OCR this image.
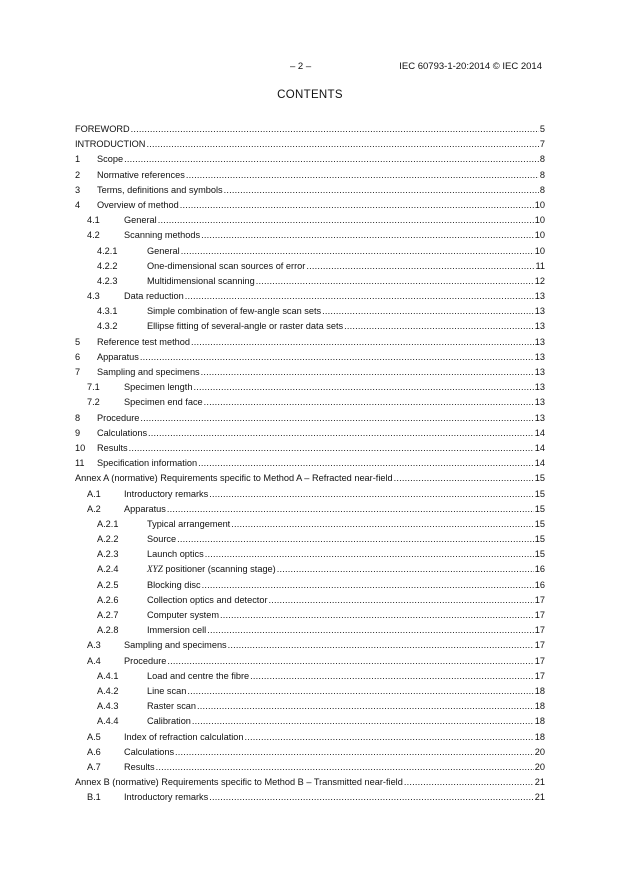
– 2 –	IEC 60793-1-20:2014 © IEC 2014
CONTENTS
FOREWORD .....	5
INTRODUCTION .....	7
1 Scope .....	8
2 Normative references .....	8
3 Terms, definitions and symbols .....	8
4 Overview of method .....	10
4.1	General .....	10
4.2	Scanning methods .....	10
4.2.1	General .....	10
4.2.2	One-dimensional scan sources of error .....	11
4.2.3	Multidimensional scanning .....	12
4.3	Data reduction .....	13
4.3.1	Simple combination of few-angle scan sets .....	13
4.3.2	Ellipse fitting of several-angle or raster data sets .....	13
5 Reference test method .....	13
6 Apparatus .....	13
7 Sampling and specimens .....	13
7.1	Specimen length .....	13
7.2	Specimen end face .....	13
8 Procedure .....	13
9 Calculations .....	14
10 Results .....	14
11 Specification information .....	14
Annex A (normative) Requirements specific to Method A – Refracted near-field .....	15
A.1	Introductory remarks .....	15
A.2	Apparatus .....	15
A.2.1	Typical arrangement .....	15
A.2.2	Source .....	15
A.2.3	Launch optics .....	15
A.2.4	XYZ positioner (scanning stage) .....	16
A.2.5	Blocking disc .....	16
A.2.6	Collection optics and detector .....	17
A.2.7	Computer system .....	17
A.2.8	Immersion cell .....	17
A.3	Sampling and specimens .....	17
A.4	Procedure .....	17
A.4.1	Load and centre the fibre .....	17
A.4.2	Line scan .....	18
A.4.3	Raster scan .....	18
A.4.4	Calibration .....	18
A.5	Index of refraction calculation .....	18
A.6	Calculations .....	20
A.7	Results .....	20
Annex B (normative) Requirements specific to Method B – Transmitted near-field .....	21
B.1	Introductory remarks .....	21
